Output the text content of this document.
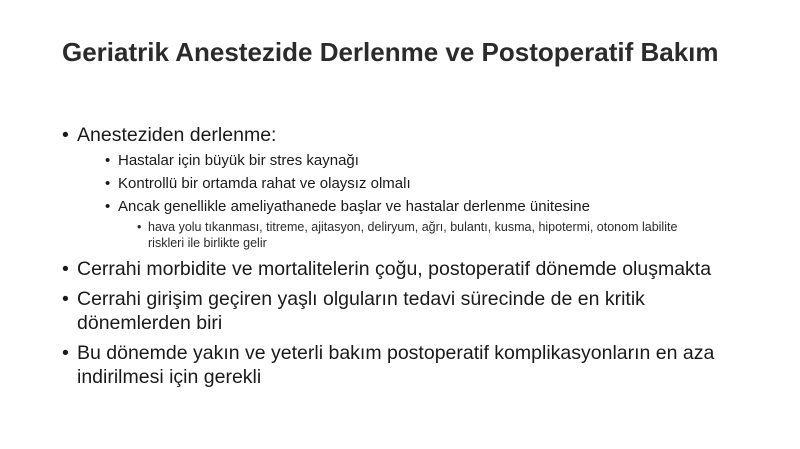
Geriatrik Anestezide Derlenme ve Postoperatif Bakım
• Anesteziden derlenme:
• Hastalar için büyük bir stres kaynağı
• Kontrollü bir ortamda rahat ve olaysız olmalı
• Ancak genellikle ameliyathanede başlar ve hastalar derlenme ünitesine
• hava yolu tıkanması, titreme, ajitasyon, deliryum, ağrı, bulantı, kusma, hipotermi, otonom labilite riskleri ile birlikte gelir
• Cerrahi morbidite ve mortalitelerin çoğu, postoperatif dönemde oluşmakta
• Cerrahi girişim geçiren yaşlı olguların tedavi sürecinde de en kritik dönemlerden biri
• Bu dönemde yakın ve yeterli bakım postoperatif komplikasyonların en aza indirilmesi için gerekli
